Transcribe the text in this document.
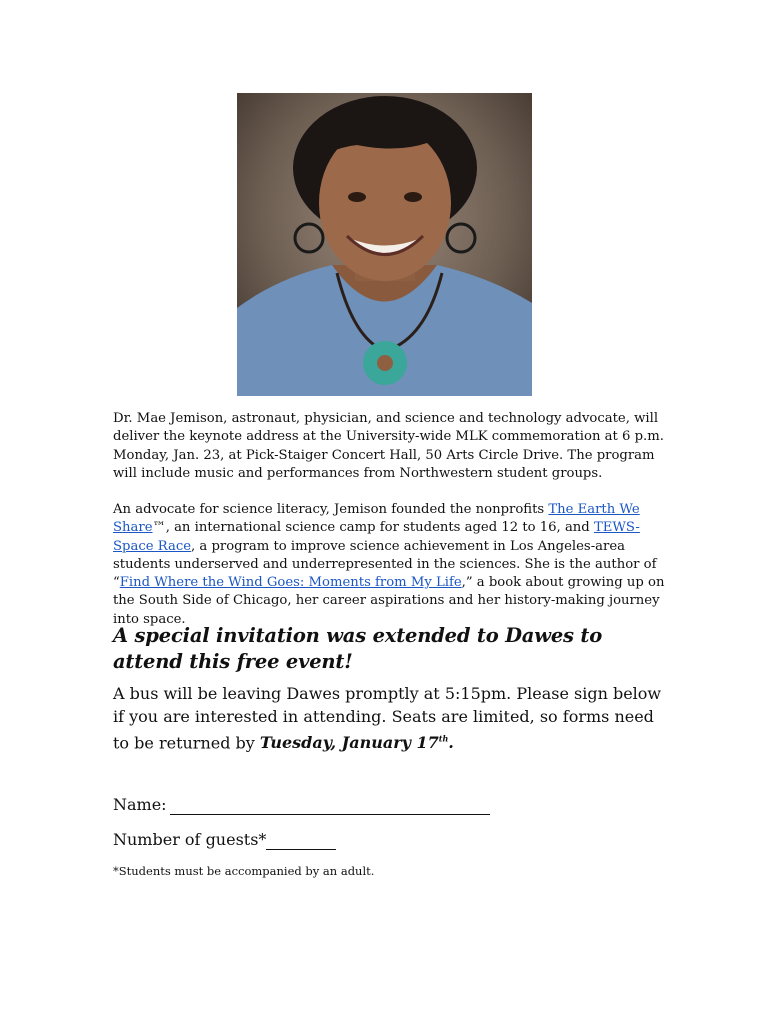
Dr. Mae Jemison, astronaut, physician, and science and technology advocate, will deliver the keynote address at the University-wide MLK commemoration at 6 p.m. Monday, Jan. 23, at Pick-Staiger Concert Hall, 50 Arts Circle Drive. The program will include music and performances from Northwestern student groups.

An advocate for science literacy, Jemison founded the nonprofits The Earth We Share™, an international science camp for students aged 12 to 16, and TEWS-Space Race, a program to improve science achievement in Los Angeles-area students underserved and underrepresented in the sciences. She is the author of “Find Where the Wind Goes: Moments from My Life,” a book about growing up on the South Side of Chicago, her career aspirations and her history-making journey into space.

A special invitation was extended to Dawes to attend this free event!

A bus will be leaving Dawes promptly at 5:15pm. Please sign below if you are interested in attending. Seats are limited, so forms need to be returned by Tuesday, January 17th.

Name:
Number of guests*

*Students must be accompanied by an adult.
